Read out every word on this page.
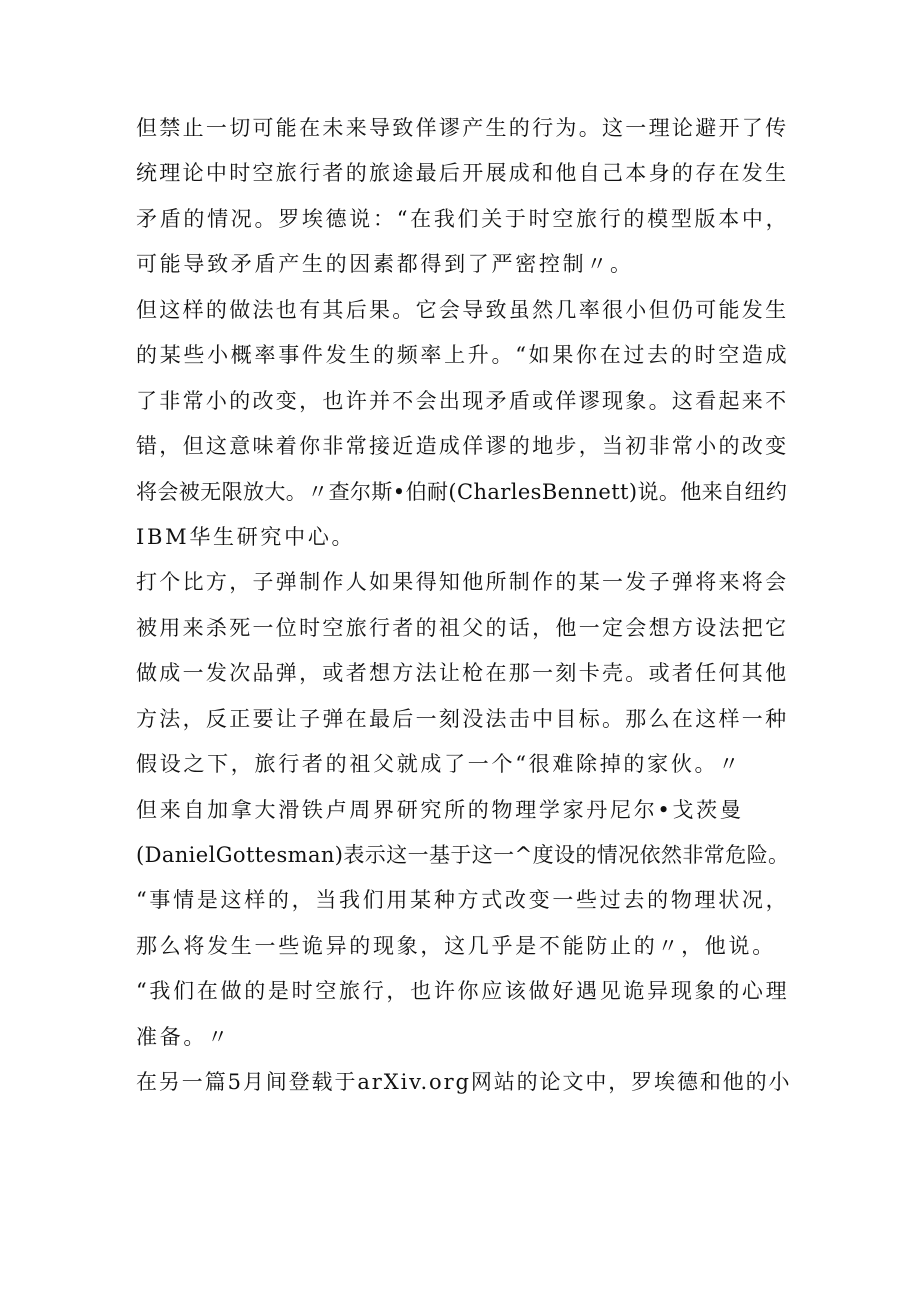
但禁止一切可能在未来导致佯谬产生的行为。这一理论避开了传
统理论中时空旅行者的旅途最后开展成和他自己本身的存在发生
矛盾的情况。罗埃德说：“在我们关于时空旅行的模型版本中，
可能导致矛盾产生的因素都得到了严密控制〃。
但这样的做法也有其后果。它会导致虽然几率很小但仍可能发生
的某些小概率事件发生的频率上升。“如果你在过去的时空造成
了非常小的改变，也许并不会出现矛盾或佯谬现象。这看起来不
错，但这意味着你非常接近造成佯谬的地步，当初非常小的改变
将会被无限放大。〃查尔斯•伯耐(CharlesBennett)说。他来自纽约
IBM华生研究中心。
打个比方，子弹制作人如果得知他所制作的某一发子弹将来将会
被用来杀死一位时空旅行者的祖父的话，他一定会想方设法把它
做成一发次品弹，或者想方法让枪在那一刻卡壳。或者任何其他
方法，反正要让子弹在最后一刻没法击中目标。那么在这样一种
假设之下，旅行者的祖父就成了一个“很难除掉的家伙。〃
但来自加拿大滑铁卢周界研究所的物理学家丹尼尔•戈茨曼
(DanielGottesman)表示这一基于这一^度设的情况依然非常危险。
“事情是这样的，当我们用某种方式改变一些过去的物理状况，
那么将发生一些诡异的现象，这几乎是不能防止的〃，他说。
“我们在做的是时空旅行，也许你应该做好遇见诡异现象的心理
准备。〃
在另一篇5月间登载于arXiv.org网站的论文中，罗埃德和他的小
